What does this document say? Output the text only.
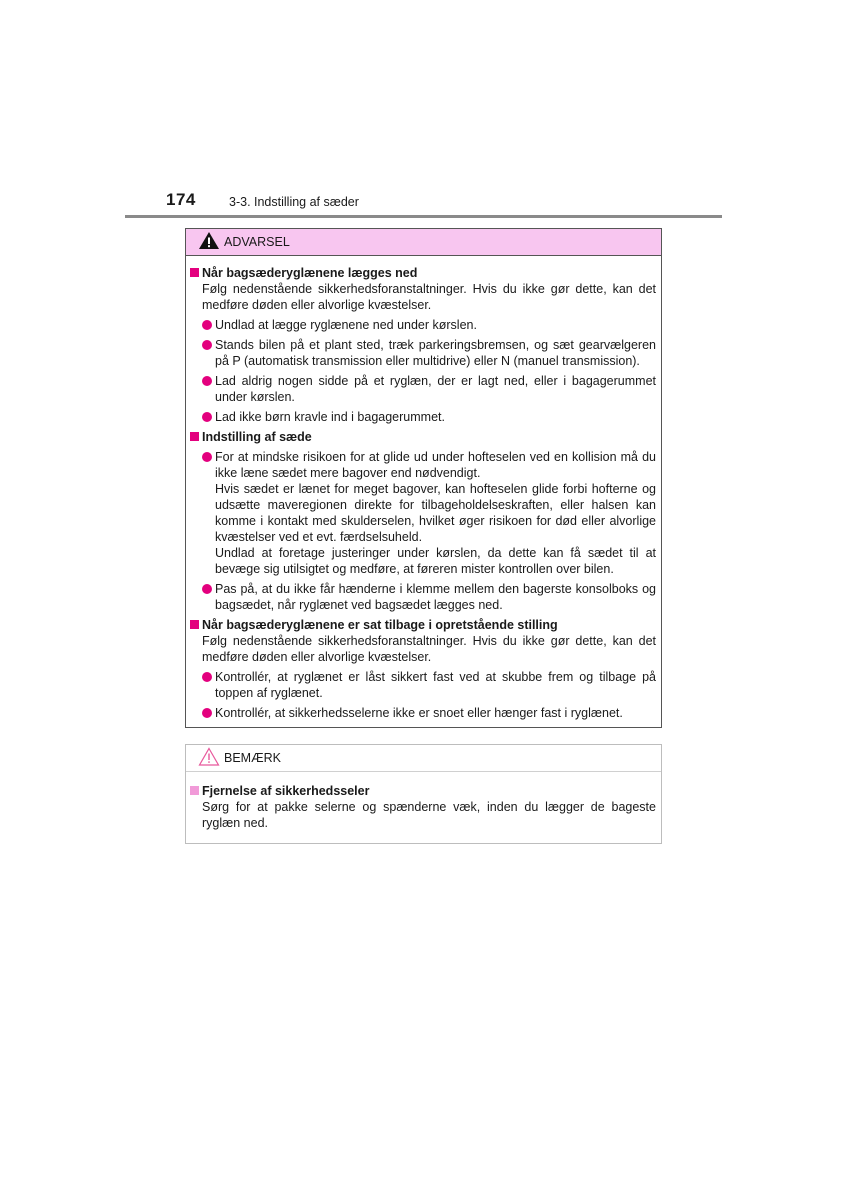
174	3-3. Indstilling af sæder
ADVARSEL
Når bagsæderyglænene lægges ned
Følg nedenstående sikkerhedsforanstaltninger. Hvis du ikke gør dette, kan det medføre døden eller alvorlige kvæstelser.
Undlad at lægge ryglænene ned under kørslen.
Stands bilen på et plant sted, træk parkeringsbremsen, og sæt gearvælgeren på P (automatisk transmission eller multidrive) eller N (manuel transmission).
Lad aldrig nogen sidde på et ryglæn, der er lagt ned, eller i bagagerummet under kørslen.
Lad ikke børn kravle ind i bagagerummet.
Indstilling af sæde
For at mindske risikoen for at glide ud under hofteselen ved en kollision må du ikke læne sædet mere bagover end nødvendigt.
Hvis sædet er lænet for meget bagover, kan hofteselen glide forbi hofterne og udsætte maveregionen direkte for tilbageholdelseskraften, eller halsen kan komme i kontakt med skulderselen, hvilket øger risikoen for død eller alvorlige kvæstelser ved et evt. færdselsuheld.
Undlad at foretage justeringer under kørslen, da dette kan få sædet til at bevæge sig utilsigtet og medføre, at føreren mister kontrollen over bilen.
Pas på, at du ikke får hænderne i klemme mellem den bagerste konsolboks og bagsædet, når ryglænet ved bagsædet lægges ned.
Når bagsæderyglænene er sat tilbage i opretstående stilling
Følg nedenstående sikkerhedsforanstaltninger. Hvis du ikke gør dette, kan det medføre døden eller alvorlige kvæstelser.
Kontrollér, at ryglænet er låst sikkert fast ved at skubbe frem og tilbage på toppen af ryglænet.
Kontrollér, at sikkerhedsselerne ikke er snoet eller hænger fast i ryglænet.
BEMÆRK
Fjernelse af sikkerhedsseler
Sørg for at pakke selerne og spænderne væk, inden du lægger de bageste ryglæn ned.
